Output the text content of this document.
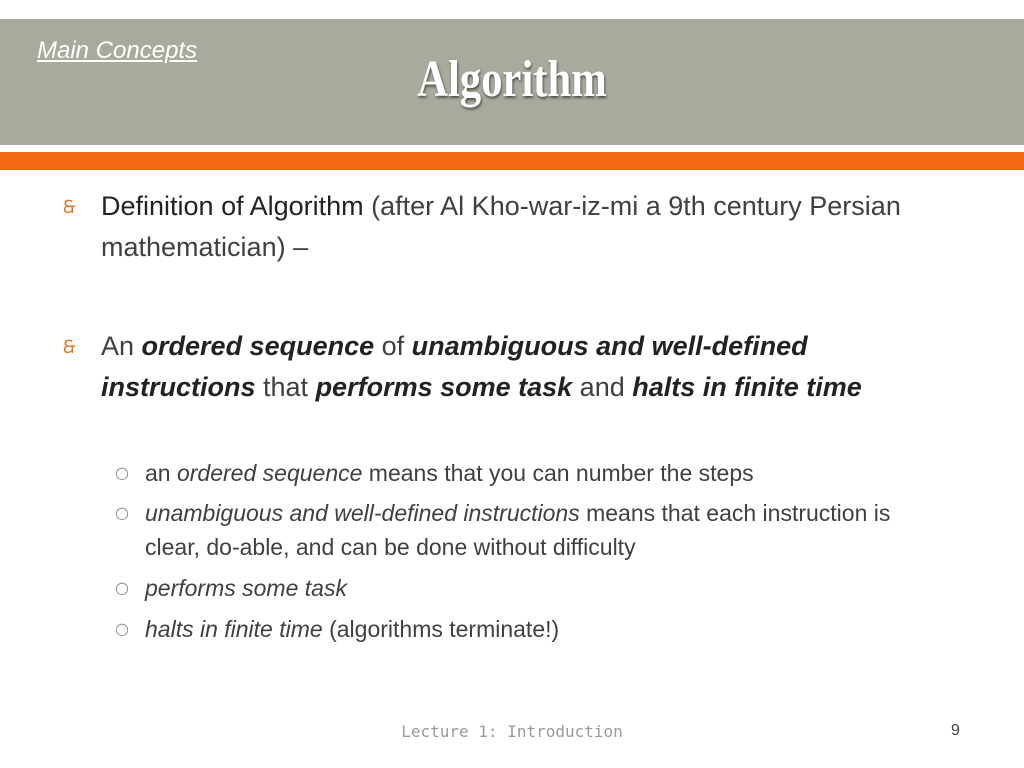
Main Concepts
Algorithm
🙲 Definition of Algorithm (after Al Kho-war-iz-mi a 9th century Persian mathematician) –
🙲 An ordered sequence of unambiguous and well-defined instructions that performs some task and halts in finite time
○ an ordered sequence means that you can number the steps
○ unambiguous and well-defined instructions means that each instruction is clear, do-able, and can be done without difficulty
○ performs some task
○ halts in finite time (algorithms terminate!)
Lecture 1: Introduction	9
